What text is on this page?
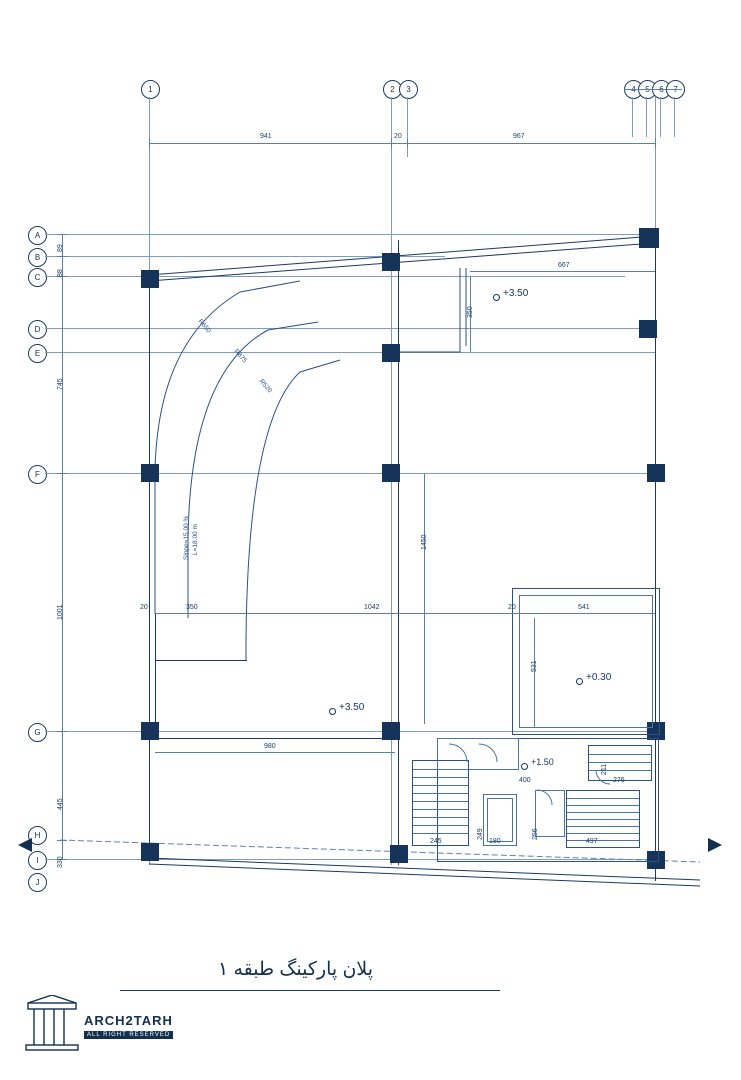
1	2	3	4	5	6	7
941	20	967
A
B
C
D
E
F
G
H
I
J
89
88
745
1001
445
330
667
350
1450
1042
350
20	20	541
531
980
245
249
180
256
400
211
276
497
+3.50
+3.50
+0.30
+1.50
Slope=15.00 % L=18.00 m
R650
R875
R520
پلان پارکینگ طبقه ۱
ARCH2TARH
ALL RIGHT RESERVED
